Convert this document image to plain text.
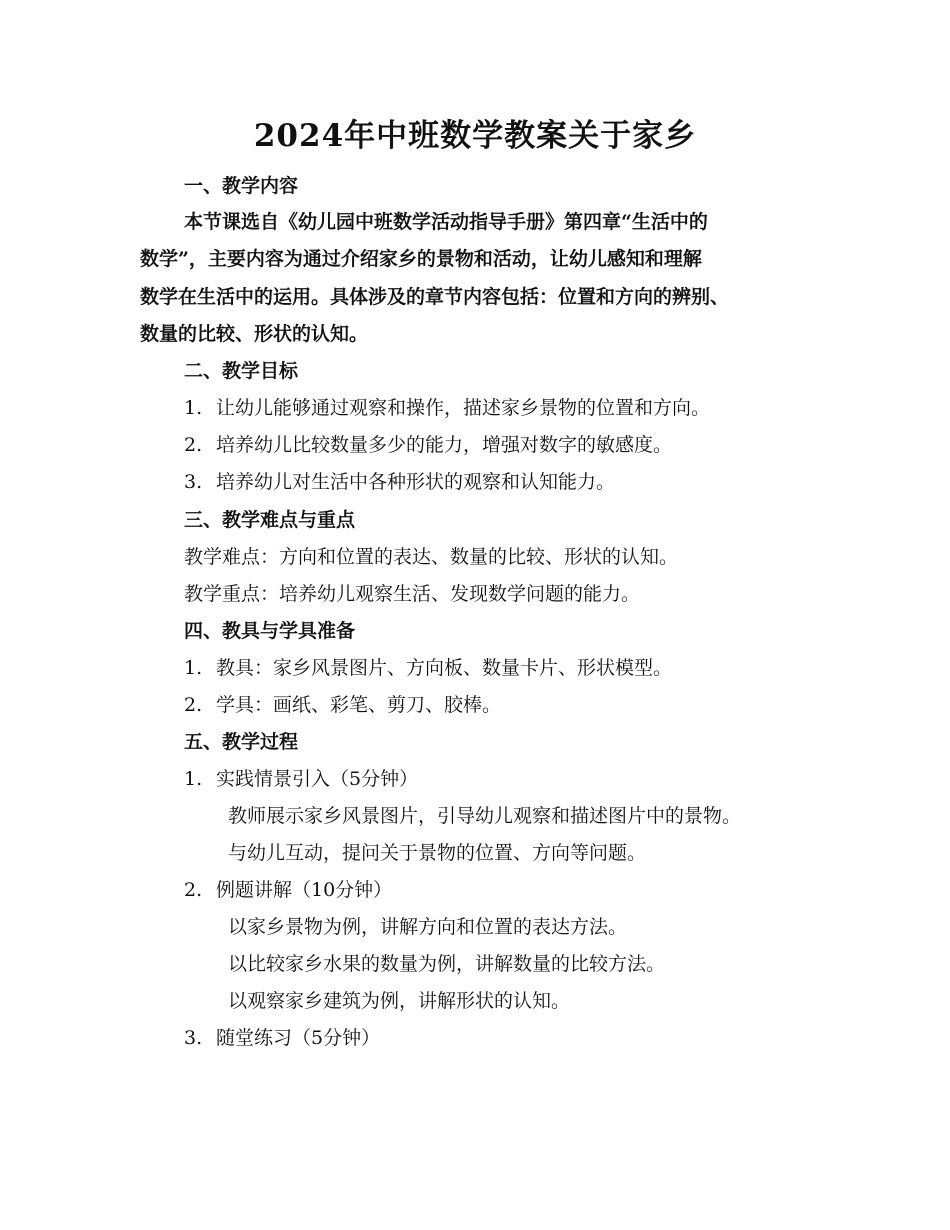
2024年中班数学教案关于家乡
一、教学内容
本节课选自《幼儿园中班数学活动指导手册》第四章“生活中的
数学”，主要内容为通过介绍家乡的景物和活动，让幼儿感知和理解
数学在生活中的运用。具体涉及的章节内容包括：位置和方向的辨别、
数量的比较、形状的认知。
二、教学目标
1. 让幼儿能够通过观察和操作，描述家乡景物的位置和方向。
2. 培养幼儿比较数量多少的能力，增强对数字的敏感度。
3. 培养幼儿对生活中各种形状的观察和认知能力。
三、教学难点与重点
教学难点：方向和位置的表达、数量的比较、形状的认知。
教学重点：培养幼儿观察生活、发现数学问题的能力。
四、教具与学具准备
1. 教具：家乡风景图片、方向板、数量卡片、形状模型。
2. 学具：画纸、彩笔、剪刀、胶棒。
五、教学过程
1. 实践情景引入（5分钟）
教师展示家乡风景图片，引导幼儿观察和描述图片中的景物。
与幼儿互动，提问关于景物的位置、方向等问题。
2. 例题讲解（10分钟）
以家乡景物为例，讲解方向和位置的表达方法。
以比较家乡水果的数量为例，讲解数量的比较方法。
以观察家乡建筑为例，讲解形状的认知。
3. 随堂练习（5分钟）
